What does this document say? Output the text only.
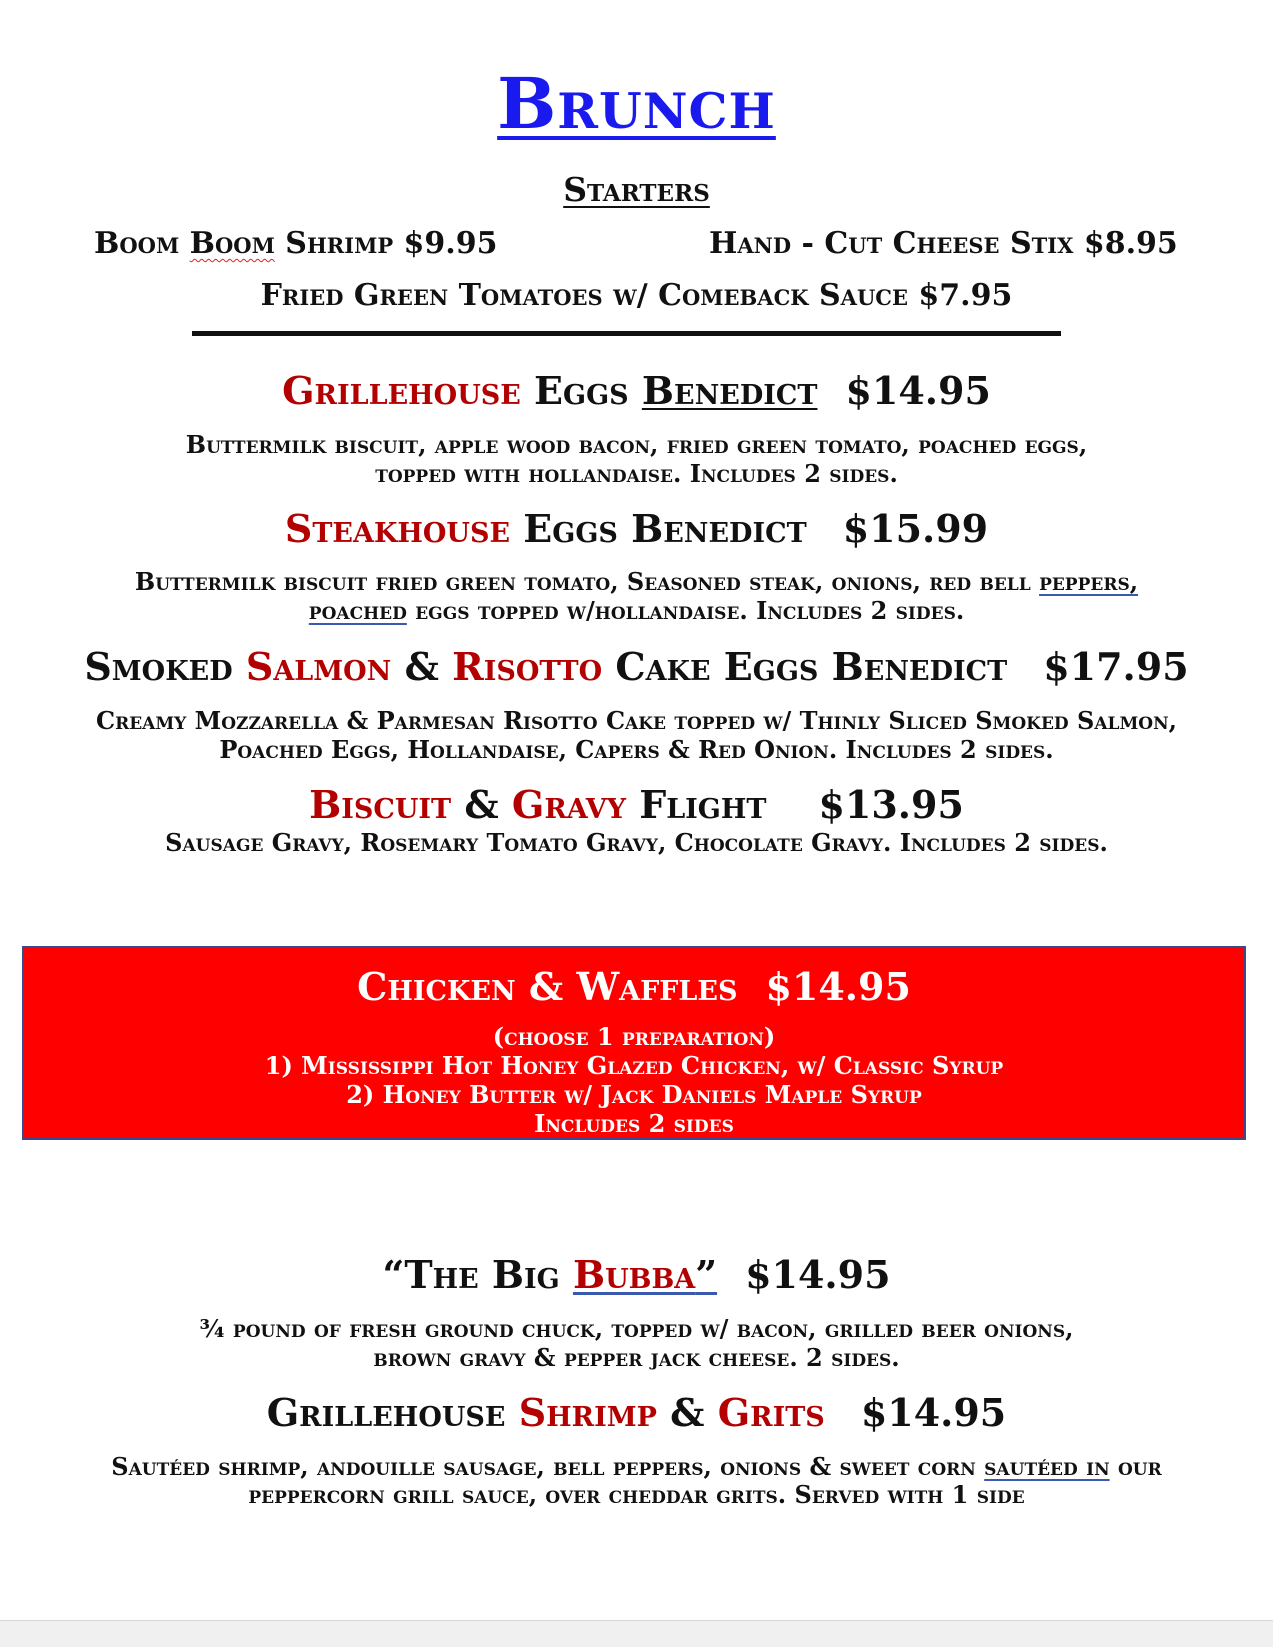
Brunch
Starters
Boom Boom Shrimp $9.95	Hand - Cut Cheese Stix $8.95
Fried Green Tomatoes w/ Comeback Sauce $7.95
Grillehouse Eggs Benedict $14.95
Buttermilk biscuit, apple wood bacon, fried green tomato, poached eggs,
topped with hollandaise. Includes 2 sides.
Steakhouse Eggs Benedict $15.99
Buttermilk biscuit fried green tomato, Seasoned steak, onions, red bell peppers,
poached eggs topped w/hollandaise. Includes 2 sides.
Smoked Salmon & Risotto Cake Eggs Benedict $17.95
Creamy Mozzarella & Parmesan Risotto Cake topped w/ Thinly Sliced Smoked Salmon,
Poached Eggs, Hollandaise, Capers & Red Onion. Includes 2 sides.
Biscuit & Gravy Flight $13.95
Sausage Gravy, Rosemary Tomato Gravy, Chocolate Gravy. Includes 2 sides.
Chicken & Waffles $14.95
(choose 1 preparation)
1) Mississippi Hot Honey Glazed Chicken, w/ Classic Syrup
2) Honey Butter w/ Jack Daniels Maple Syrup
Includes 2 sides
“The Big Bubba” $14.95
¾ pound of fresh ground chuck, topped w/ bacon, grilled beer onions,
brown gravy & pepper jack cheese. 2 sides.
Grillehouse Shrimp & Grits $14.95
Sautéed shrimp, andouille sausage, bell peppers, onions & sweet corn sautéed in our
peppercorn grill sauce, over cheddar grits. Served with 1 side
